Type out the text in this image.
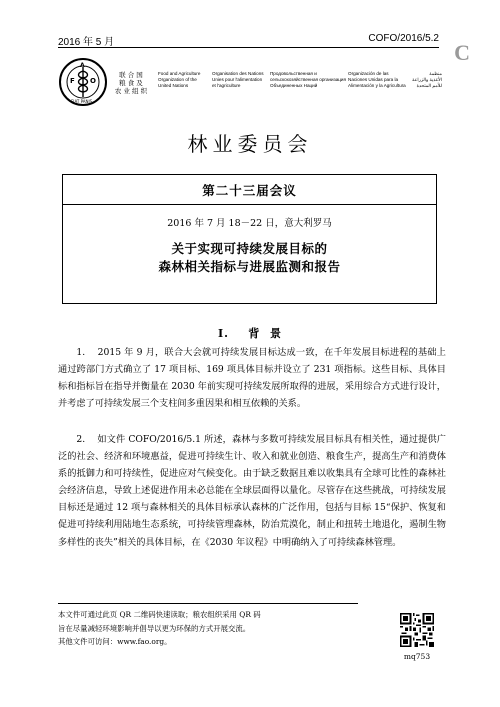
2016 年 5 月	COFO/2016/5.2
C
F O
A
FIAT PANIS
联 合 国
粮 食 及
农 业 组 织
Food and Agriculture
Organization of the
United Nations
Organisation des Nations
Unies pour l'alimentation
et l'agriculture
Продовольственная и
сельскохозяйственная организация
Объединенных Наций
Organización de las
Naciones Unidas para la
Alimentación y la Agricultura
منظمة
الأغذية والزراعة
للأمم المتحدة
林业委员会
第二十三届会议
2016 年 7 月 18－22 日，意大利罗马
关于实现可持续发展目标的
森林相关指标与进展监测和报告
I.    背  景
1.    2015 年 9 月，联合大会就可持续发展目标达成一致，在千年发展目标进程的基础上通过跨部门方式确立了 17 项目标、169 项具体目标并设立了 231 项指标。这些目标、具体目标和指标旨在指导并衡量在 2030 年前实现可持续发展所取得的进展，采用综合方式进行设计，并考虑了可持续发展三个支柱间多重因果和相互依赖的关系。
2.    如文件 COFO/2016/5.1 所述，森林与多数可持续发展目标具有相关性，通过提供广泛的社会、经济和环境惠益，促进可持续生计、收入和就业创造、粮食生产，提高生产和消费体系的抵御力和可持续性，促进应对气候变化。由于缺乏数据且难以收集具有全球可比性的森林社会经济信息，导致上述促进作用未必总能在全球层面得以量化。尽管存在这些挑战，可持续发展目标还是通过 12 项与森林相关的具体目标承认森林的广泛作用，包括与目标 15“保护、恢复和促进可持续利用陆地生态系统，可持续管理森林，防治荒漠化，制止和扭转土地退化，遏制生物多样性的丧失”相关的具体目标，在《2030 年议程》中明确纳入了可持续森林管理。
本文件可通过此页 QR 二维码快速读取；粮农组织采用 QR 码
旨在尽量减轻环境影响并倡导以更为环保的方式开展交流。
其他文件可访问：www.fao.org。
mq753
